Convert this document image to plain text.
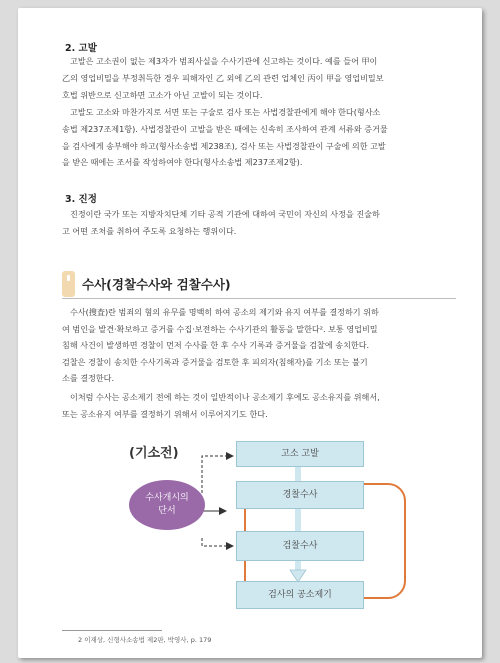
2. 고발
고발은 고소권이 없는 제3자가 범죄사실을 수사기관에 신고하는 것이다. 예를 들어 甲이
乙의 영업비밀을 부정취득한 경우 피해자인 乙 외에 乙의 관련 업체인 丙이 甲을 영업비밀보
호법 위반으로 신고하면 고소가 아닌 고발이 되는 것이다.
고발도 고소와 마찬가지로 서면 또는 구술로 검사 또는 사법경찰관에게 해야 한다(형사소
송법 제237조제1항). 사법경찰관이 고발을 받은 때에는 신속히 조사하여 관계 서류와 증거물
을 검사에게 송부해야 하고(형사소송법 제238조), 검사 또는 사법경찰관이 구술에 의한 고발
을 받은 때에는 조서를 작성하여야 한다(형사소송법 제237조제2항).
3. 진정
진정이란 국가 또는 지방자치단체 기타 공적 기관에 대하여 국민이 자신의 사정을 진술하
고 어떤 조처를 취하여 주도록 요청하는 행위이다.
수사(경찰수사와 검찰수사)
수사(搜査)란 범죄의 혐의 유무를 명백히 하여 공소의 제기와 유지 여부를 결정하기 위하
여 범인을 발견·확보하고 증거를 수집·보전하는 수사기관의 활동을 말한다². 보통 영업비밀
침해 사건이 발생하면 경찰이 먼저 수사를 한 후 수사 기록과 증거물을 검찰에 송치한다.
검찰은 경찰이 송치한 수사기록과 증거물을 검토한 후 피의자(침해자)를 기소 또는 불기
소를 결정한다.
이처럼 수사는 공소제기 전에 하는 것이 일반적이나 공소제기 후에도 공소유지를 위해서,
또는 공소유지 여부를 결정하기 위해서 이루어지기도 한다.
(기소전)	고소 고발
경찰수사
검찰수사
검사의 공소제기
수사개시의
단서
2 이재상, 신형사소송법 제2판, 박영사, p. 179
